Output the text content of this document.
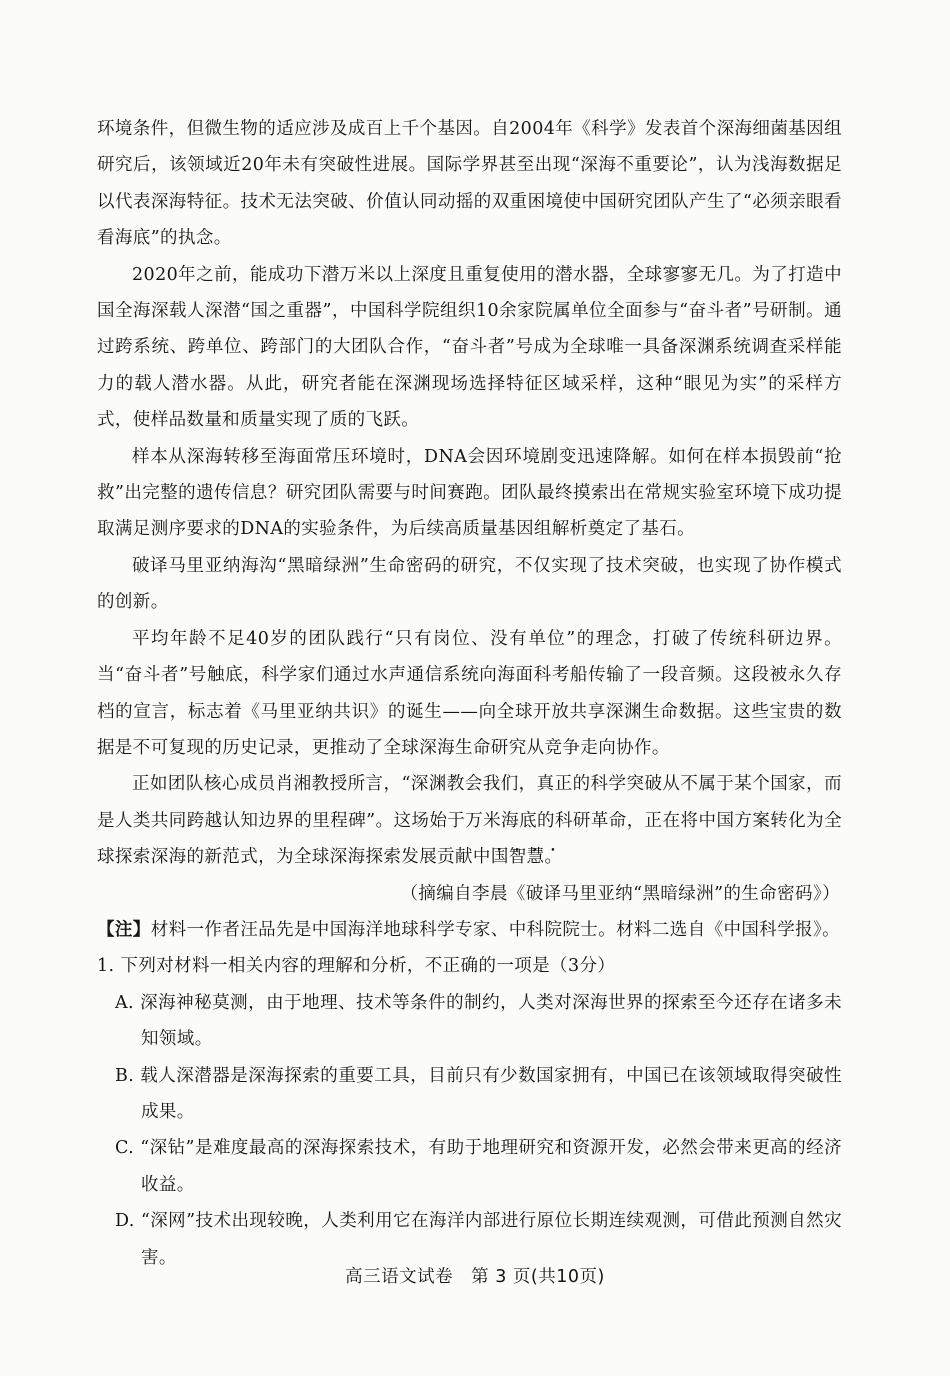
环境条件，但微生物的适应涉及成百上千个基因。自2004年《科学》发表首个深海细菌基因组研究后，该领域近20年未有突破性进展。国际学界甚至出现“深海不重要论”，认为浅海数据足以代表深海特征。技术无法突破、价值认同动摇的双重困境使中国研究团队产生了“必须亲眼看看海底”的执念。

2020年之前，能成功下潜万米以上深度且重复使用的潜水器，全球寥寥无几。为了打造中国全海深载人深潜“国之重器”，中国科学院组织10余家院属单位全面参与“奋斗者”号研制。通过跨系统、跨单位、跨部门的大团队合作，“奋斗者”号成为全球唯一具备深渊系统调查采样能力的载人潜水器。从此，研究者能在深渊现场选择特征区域采样，这种“眼见为实”的采样方式，使样品数量和质量实现了质的飞跃。

样本从深海转移至海面常压环境时，DNA会因环境剧变迅速降解。如何在样本损毁前“抢救”出完整的遗传信息？研究团队需要与时间赛跑。团队最终摸索出在常规实验室环境下成功提取满足测序要求的DNA的实验条件，为后续高质量基因组解析奠定了基石。

破译马里亚纳海沟“黑暗绿洲”生命密码的研究，不仅实现了技术突破，也实现了协作模式的创新。

平均年龄不足40岁的团队践行“只有岗位、没有单位”的理念，打破了传统科研边界。当“奋斗者”号触底，科学家们通过水声通信系统向海面科考船传输了一段音频。这段被永久存档的宣言，标志着《马里亚纳共识》的诞生——向全球开放共享深渊生命数据。这些宝贵的数据是不可复现的历史记录，更推动了全球深海生命研究从竞争走向协作。

正如团队核心成员肖湘教授所言，“深渊教会我们，真正的科学突破从不属于某个国家，而是人类共同跨越认知边界的里程碑”。这场始于万米海底的科研革命，正在将中国方案转化为全球探索深海的新范式，为全球深海探索发展贡献中国智慧。

（摘编自李晨《破译马里亚纳“黑暗绿洲”的生命密码》）

【注】材料一作者汪品先是中国海洋地球科学专家、中科院院士。材料二选自《中国科学报》。

1. 下列对材料一相关内容的理解和分析，不正确的一项是（3分）

A. 深海神秘莫测，由于地理、技术等条件的制约，人类对深海世界的探索至今还存在诸多未知领域。

B. 载人深潜器是深海探索的重要工具，目前只有少数国家拥有，中国已在该领域取得突破性成果。

C. “深钻”是难度最高的深海探索技术，有助于地理研究和资源开发，必然会带来更高的经济收益。

D. “深网”技术出现较晚，人类利用它在海洋内部进行原位长期连续观测，可借此预测自然灾害。

高三语文试卷　第 3 页(共10页)
